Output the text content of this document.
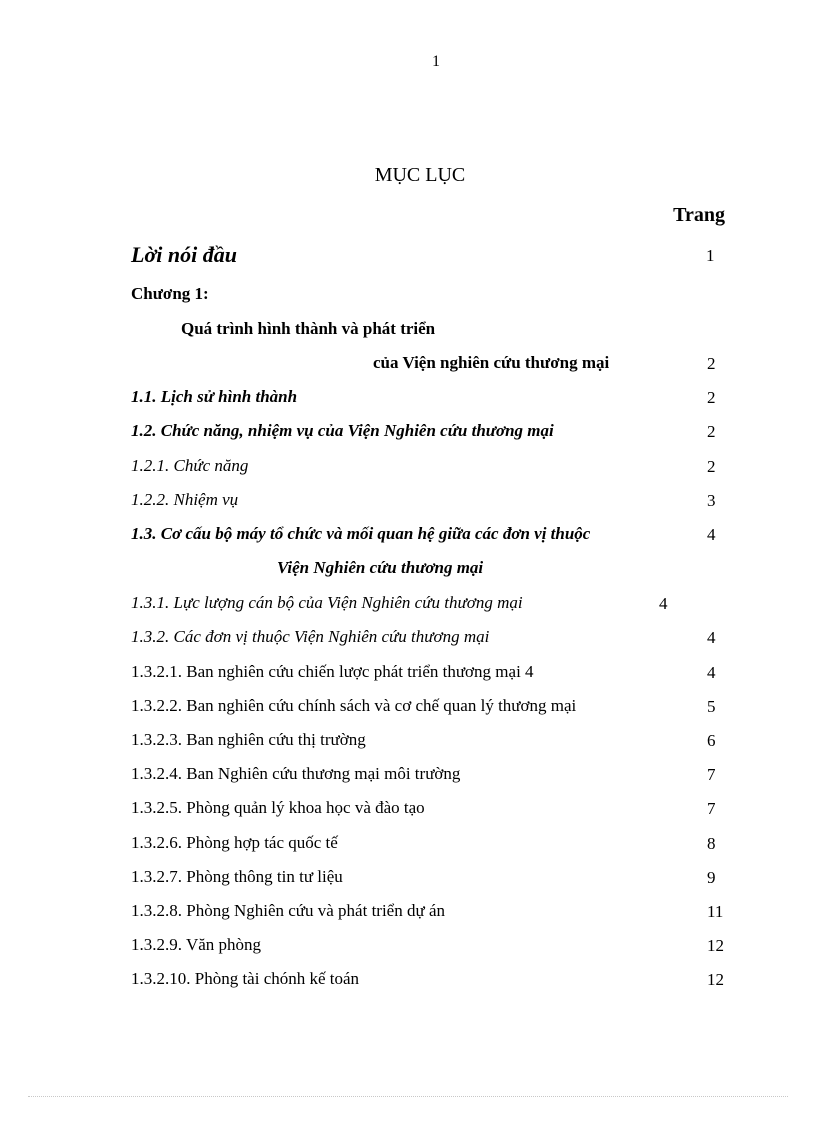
1
MỤC LỤC
Trang
Lời nói đầu	1
Chương 1:
Quá trình hình thành và phát triển
của Viện nghiên cứu thương mại	2
1.1. Lịch sử hình thành	2
1.2. Chức năng, nhiệm vụ của Viện Nghiên cứu thương mại	2
1.2.1. Chức năng	2
1.2.2. Nhiệm vụ	3
1.3. Cơ cấu bộ máy tổ chức và mối quan hệ giữa các đơn vị thuộc	4
Viện Nghiên cứu thương mại
1.3.1. Lực lượng cán bộ của Viện Nghiên cứu thương mại	4
1.3.2. Các đơn vị thuộc Viện Nghiên cứu thương mại	4
1.3.2.1. Ban nghiên cứu chiến lược phát triển thương mại 4	4
1.3.2.2. Ban nghiên cứu chính sách và cơ chế quan lý thương mại	5
1.3.2.3. Ban nghiên cứu thị trường	6
1.3.2.4. Ban Nghiên cứu thương mại môi trường	7
1.3.2.5. Phòng quản lý khoa học và đào tạo	7
1.3.2.6. Phòng hợp tác quốc tế	8
1.3.2.7. Phòng thông tin tư liệu	9
1.3.2.8. Phòng Nghiên cứu và phát triển dự án	11
1.3.2.9. Văn phòng	12
1.3.2.10. Phòng tài chónh kế toán	12
